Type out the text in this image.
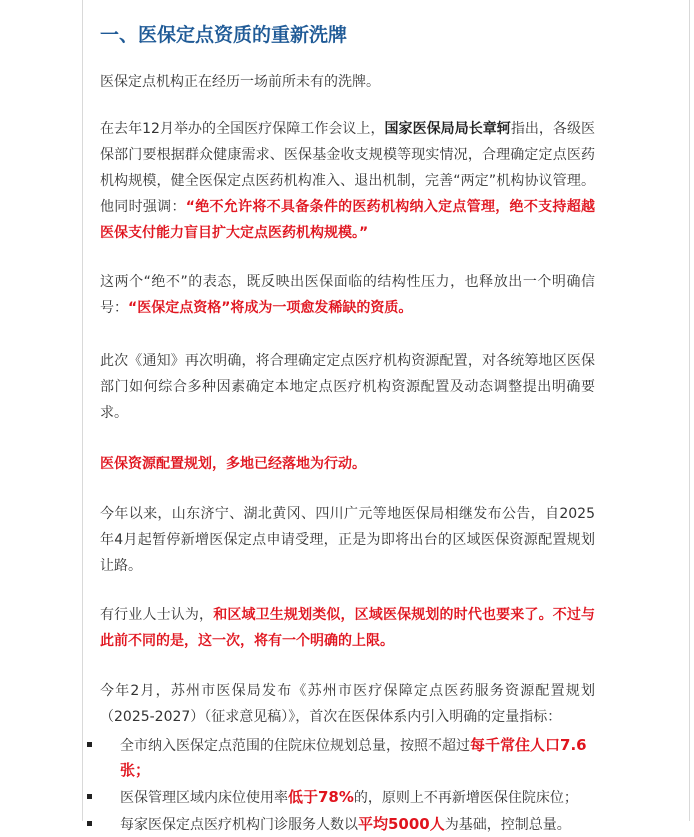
一、医保定点资质的重新洗牌

医保定点机构正在经历一场前所未有的洗牌。

在去年12月举办的全国医疗保障工作会议上，国家医保局局长章轲指出，各级医保部门要根据群众健康需求、医保基金收支规模等现实情况，合理确定定点医药机构规模，健全医保定点医药机构准入、退出机制，完善“两定”机构协议管理。他同时强调：“绝不允许将不具备条件的医药机构纳入定点管理，绝不支持超越医保支付能力盲目扩大定点医药机构规模。”

这两个“绝不”的表态，既反映出医保面临的结构性压力，也释放出一个明确信号：“医保定点资格”将成为一项愈发稀缺的资质。

此次《通知》再次明确，将合理确定定点医疗机构资源配置，对各统筹地区医保部门如何综合多种因素确定本地定点医疗机构资源配置及动态调整提出明确要求。

医保资源配置规划，多地已经落地为行动。

今年以来，山东济宁、湖北黄冈、四川广元等地医保局相继发布公告，自2025年4月起暂停新增医保定点申请受理，正是为即将出台的区域医保资源配置规划让路。

有行业人士认为，和区域卫生规划类似，区域医保规划的时代也要来了。不过与此前不同的是，这一次，将有一个明确的上限。

今年2月，苏州市医保局发布《苏州市医疗保障定点医药服务资源配置规划（2025-2027）（征求意见稿）》，首次在医保体系内引入明确的定量指标：

全市纳入医保定点范围的住院床位规划总量，按照不超过每千常住人口7.6张；
医保管理区域内床位使用率低于78%的，原则上不再新增医保住院床位；
每家医保定点医疗机构门诊服务人数以平均5000人为基础，控制总量。
